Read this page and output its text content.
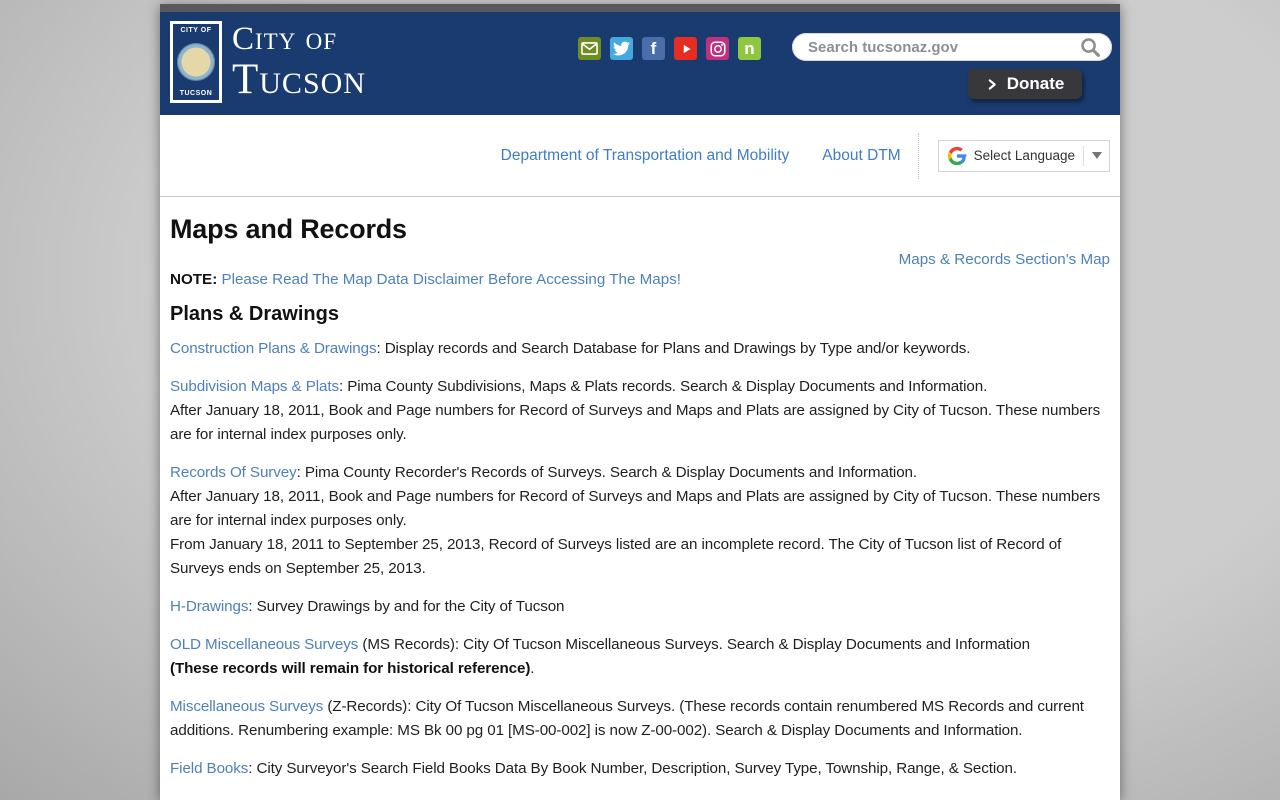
CITY OF
TUCSON
City of
Tucson
f	n
Search tucsonaz.gov
Donate
Department of Transportation and Mobility About DTM	Select Language
Maps and Records
Maps & Records Section's Map
NOTE: Please Read The Map Data Disclaimer Before Accessing The Maps!
Plans & Drawings

Construction Plans & Drawings: Display records and Search Database for Plans and Drawings by Type and/or keywords.

Subdivision Maps & Plats: Pima County Subdivisions, Maps & Plats records. Search & Display Documents and Information.
After January 18, 2011, Book and Page numbers for Record of Surveys and Maps and Plats are assigned by City of Tucson. These numbers are for internal index purposes only.

Records Of Survey: Pima County Recorder's Records of Surveys. Search & Display Documents and Information.
After January 18, 2011, Book and Page numbers for Record of Surveys and Maps and Plats are assigned by City of Tucson. These numbers are for internal index purposes only.
From January 18, 2011 to September 25, 2013, Record of Surveys listed are an incomplete record. The City of Tucson list of Record of Surveys ends on September 25, 2013.

H-Drawings: Survey Drawings by and for the City of Tucson

OLD Miscellaneous Surveys (MS Records): City Of Tucson Miscellaneous Surveys. Search & Display Documents and Information
(These records will remain for historical reference).

Miscellaneous Surveys (Z-Records): City Of Tucson Miscellaneous Surveys. (These records contain renumbered MS Records and current additions. Renumbering example: MS Bk 00 pg 01 [MS-00-002] is now Z-00-002). Search & Display Documents and Information.

Field Books: City Surveyor's Search Field Books Data By Book Number, Description, Survey Type, Township, Range, & Section.
